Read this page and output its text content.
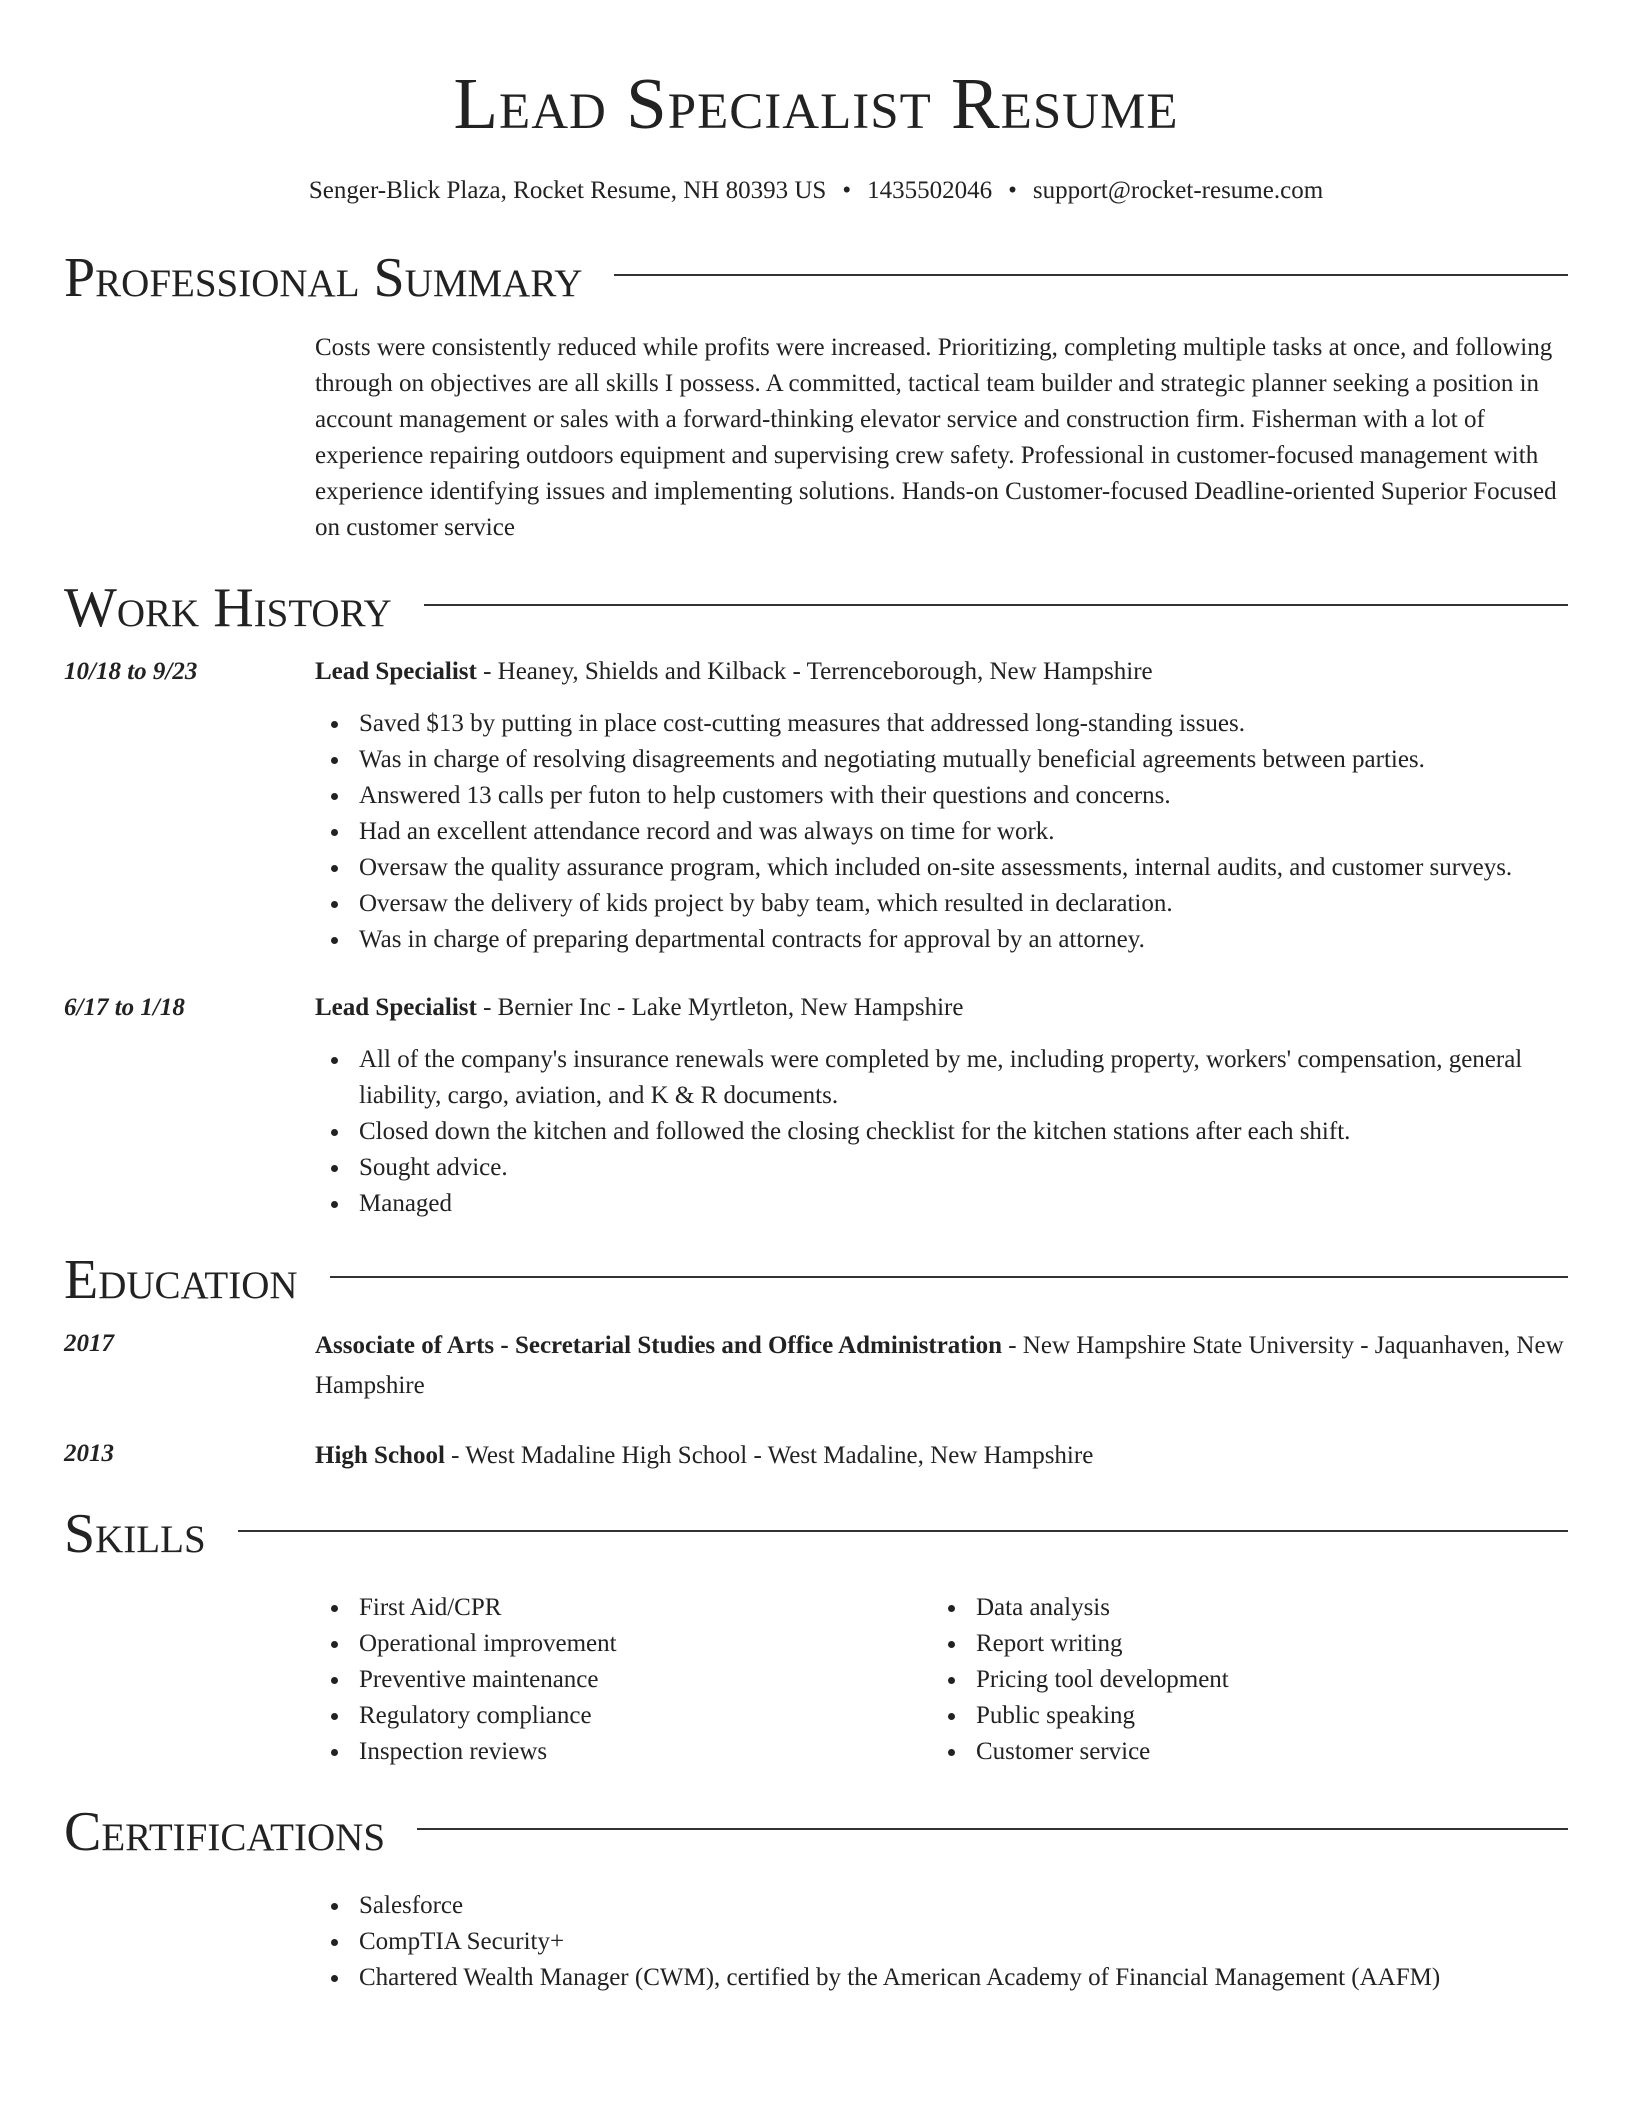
Lead Specialist Resume
Senger-Blick Plaza, Rocket Resume, NH 80393 US • 1435502046 • support@rocket-resume.com
Professional Summary
Costs were consistently reduced while profits were increased. Prioritizing, completing multiple tasks at once, and following through on objectives are all skills I possess. A committed, tactical team builder and strategic planner seeking a position in account management or sales with a forward-thinking elevator service and construction firm. Fisherman with a lot of experience repairing outdoors equipment and supervising crew safety. Professional in customer-focused management with experience identifying issues and implementing solutions. Hands-on Customer-focused Deadline-oriented Superior Focused on customer service
Work History
10/18 to 9/23	Lead Specialist - Heaney, Shields and Kilback - Terrenceborough, New Hampshire
Saved $13 by putting in place cost-cutting measures that addressed long-standing issues.
Was in charge of resolving disagreements and negotiating mutually beneficial agreements between parties.
Answered 13 calls per futon to help customers with their questions and concerns.
Had an excellent attendance record and was always on time for work.
Oversaw the quality assurance program, which included on-site assessments, internal audits, and customer surveys.
Oversaw the delivery of kids project by baby team, which resulted in declaration.
Was in charge of preparing departmental contracts for approval by an attorney.
6/17 to 1/18	Lead Specialist - Bernier Inc - Lake Myrtleton, New Hampshire
All of the company's insurance renewals were completed by me, including property, workers' compensation, general liability, cargo, aviation, and K & R documents.
Closed down the kitchen and followed the closing checklist for the kitchen stations after each shift.
Sought advice.
Managed
Education
2017	Associate of Arts - Secretarial Studies and Office Administration - New Hampshire State University - Jaquanhaven, New Hampshire
2013	High School - West Madaline High School - West Madaline, New Hampshire
Skills
First Aid/CPR
Operational improvement
Preventive maintenance
Regulatory compliance
Inspection reviews
Data analysis
Report writing
Pricing tool development
Public speaking
Customer service
Certifications
Salesforce
CompTIA Security+
Chartered Wealth Manager (CWM), certified by the American Academy of Financial Management (AAFM)
